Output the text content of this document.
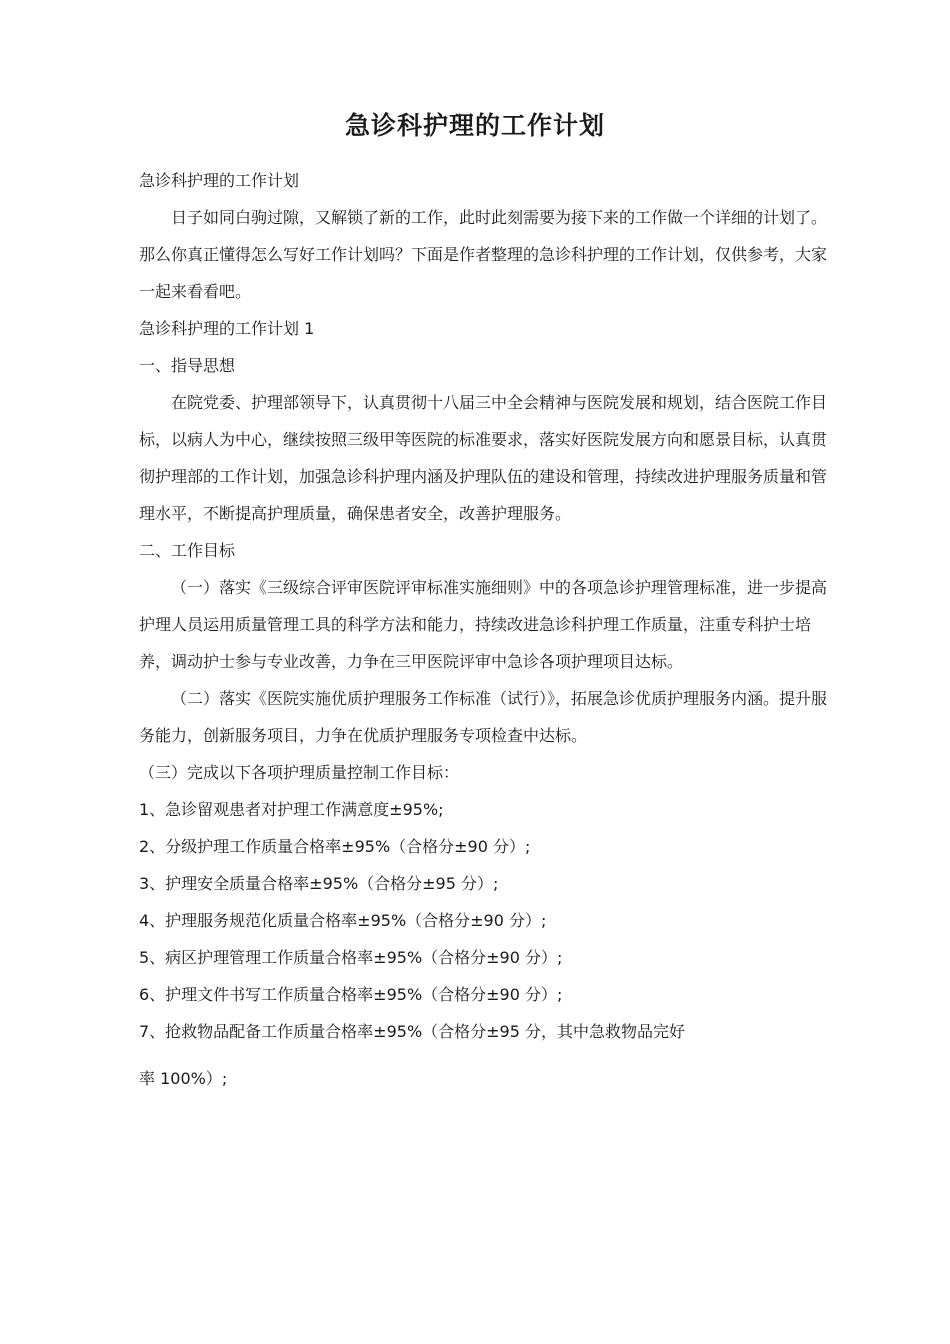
急诊科护理的工作计划

急诊科护理的工作计划

日子如同白驹过隙，又解锁了新的工作，此时此刻需要为接下来的工作做一个详细的计划了。那么你真正懂得怎么写好工作计划吗？下面是作者整理的急诊科护理的工作计划，仅供参考，大家一起来看看吧。

急诊科护理的工作计划 1

一、指导思想

在院党委、护理部领导下，认真贯彻十八届三中全会精神与医院发展和规划，结合医院工作目标，以病人为中心，继续按照三级甲等医院的标准要求，落实好医院发展方向和愿景目标，认真贯彻护理部的工作计划，加强急诊科护理内涵及护理队伍的建设和管理，持续改进护理服务质量和管理水平，不断提高护理质量，确保患者安全，改善护理服务。

二、工作目标

（一）落实《三级综合评审医院评审标准实施细则》中的各项急诊护理管理标准，进一步提高护理人员运用质量管理工具的科学方法和能力，持续改进急诊科护理工作质量，注重专科护士培养，调动护士参与专业改善，力争在三甲医院评审中急诊各项护理项目达标。

（二）落实《医院实施优质护理服务工作标准（试行）》，拓展急诊优质护理服务内涵。提升服务能力，创新服务项目，力争在优质护理服务专项检查中达标。

（三）完成以下各项护理质量控制工作目标：

1、急诊留观患者对护理工作满意度±95%;

2、分级护理工作质量合格率±95%（合格分±90 分）;

3、护理安全质量合格率±95%（合格分±95 分）;

4、护理服务规范化质量合格率±95%（合格分±90 分）;

5、病区护理管理工作质量合格率±95%（合格分±90 分）;

6、护理文件书写工作质量合格率±95%（合格分±90 分）;

7、抢救物品配备工作质量合格率±95%（合格分±95 分，其中急救物品完好

率 100%）;
